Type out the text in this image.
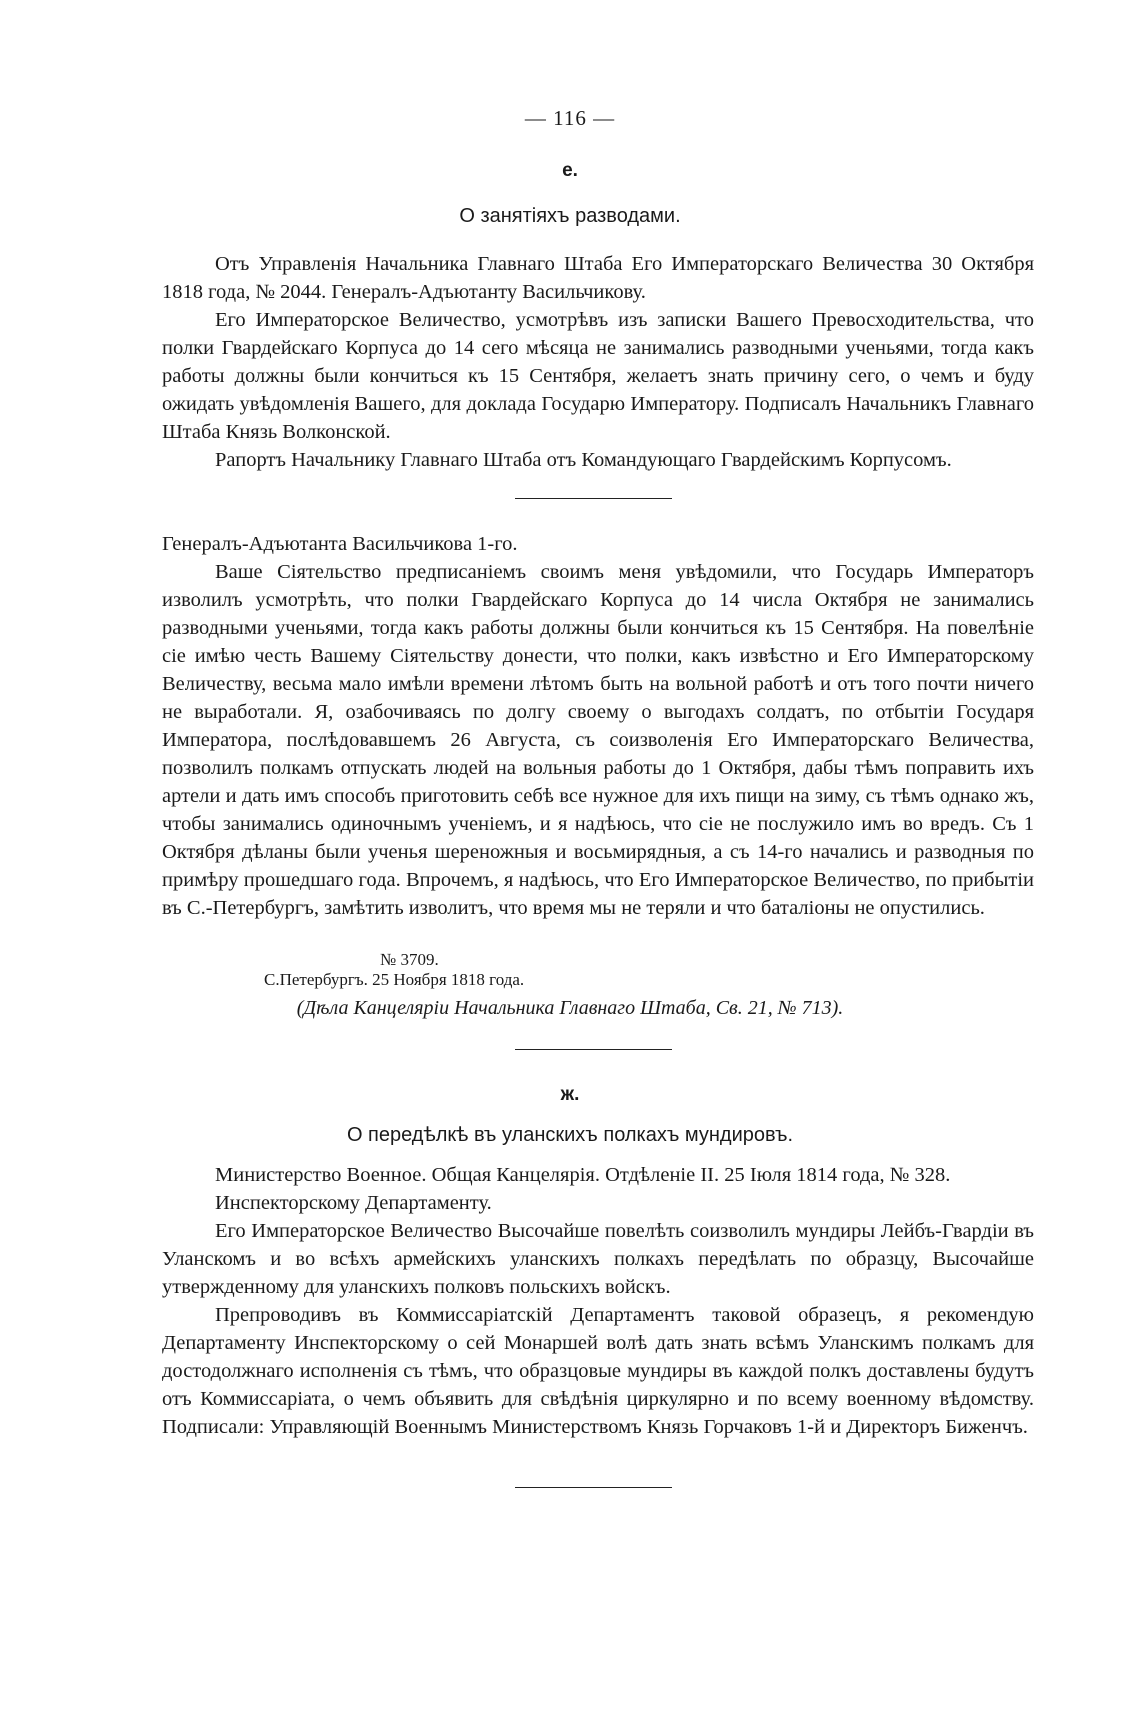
— 116 —
е.
О занятіяхъ разводами.

Отъ Управленія Начальника Главнаго Штаба Его Императорскаго Величества 30 Октября 1818 года, № 2044. Генералъ-Адъютанту Васильчикову.

Его Императорское Величество, усмотрѣвъ изъ записки Вашего Превосходительства, что полки Гвардейскаго Корпуса до 14 сего мѣсяца не занимались разводными ученьями, тогда какъ работы должны были кончиться къ 15 Сентября, желаетъ знать причину сего, о чемъ и буду ожидать увѣдомленія Вашего, для доклада Государю Императору. Подписалъ Начальникъ Главнаго Штаба Князь Волконской.

Рапортъ Начальнику Главнаго Штаба отъ Командующаго Гвардейскимъ Корпусомъ.

Генералъ-Адъютанта Васильчикова 1-го.

Ваше Сіятельство предписаніемъ своимъ меня увѣдомили, что Государь Императоръ изволилъ усмотрѣть, что полки Гвардейскаго Корпуса до 14 числа Октября не занимались разводными ученьями, тогда какъ работы должны были кончиться къ 15 Сентября. На повелѣніе сіе имѣю честь Вашему Сіятельству донести, что полки, какъ извѣстно и Его Императорскому Величеству, весьма мало имѣли времени лѣтомъ быть на вольной работѣ и отъ того почти ничего не выработали. Я, озабочиваясь по долгу своему о выгодахъ солдатъ, по отбытіи Государя Императора, послѣдовавшемъ 26 Августа, съ соизволенія Его Императорскаго Величества, позволилъ полкамъ отпускать людей на вольныя работы до 1 Октября, дабы тѣмъ поправить ихъ артели и дать имъ способъ приготовить себѣ все нужное для ихъ пищи на зиму, съ тѣмъ однако жъ, чтобы занимались одиночнымъ ученіемъ, и я надѣюсь, что сіе не послужило имъ во вредъ. Съ 1 Октября дѣланы были ученья шереножныя и восьмирядныя, а съ 14-го начались и разводныя по примѣру прошедшаго года. Впрочемъ, я надѣюсь, что Его Императорское Величество, по прибытіи въ С.-Петербургъ, замѣтить изволитъ, что время мы не теряли и что баталіоны не опустились.

№ 3709.
С.Петербургъ. 25 Ноября 1818 года.
(Дѣла Канцеляріи Начальника Главнаго Штаба, Св. 21, № 713).
ж.
О передѣлкѣ въ уланскихъ полкахъ мундировъ.

Министерство Военное. Общая Канцелярія. Отдѣленіе II. 25 Іюля 1814 года, № 328.

Инспекторскому Департаменту.

Его Императорское Величество Высочайше повелѣть соизволилъ мундиры Лейбъ-Гвардіи въ Уланскомъ и во всѣхъ армейскихъ уланскихъ полкахъ передѣлать по образцу, Высочайше утвержденному для уланскихъ полковъ польскихъ войскъ.

Препроводивъ въ Коммиссаріатскій Департаментъ таковой образецъ, я рекомендую Департаменту Инспекторскому о сей Монаршей волѣ дать знать всѣмъ Уланскимъ полкамъ для достодолжнаго исполненія съ тѣмъ, что образцовые мундиры въ каждой полкъ доставлены будутъ отъ Коммиссаріата, о чемъ объявить для свѣдѣнія циркулярно и по всему военному вѣдомству. Подписали: Управляющій Военнымъ Министерствомъ Князь Горчаковъ 1-й и Директоръ Биженчъ.
